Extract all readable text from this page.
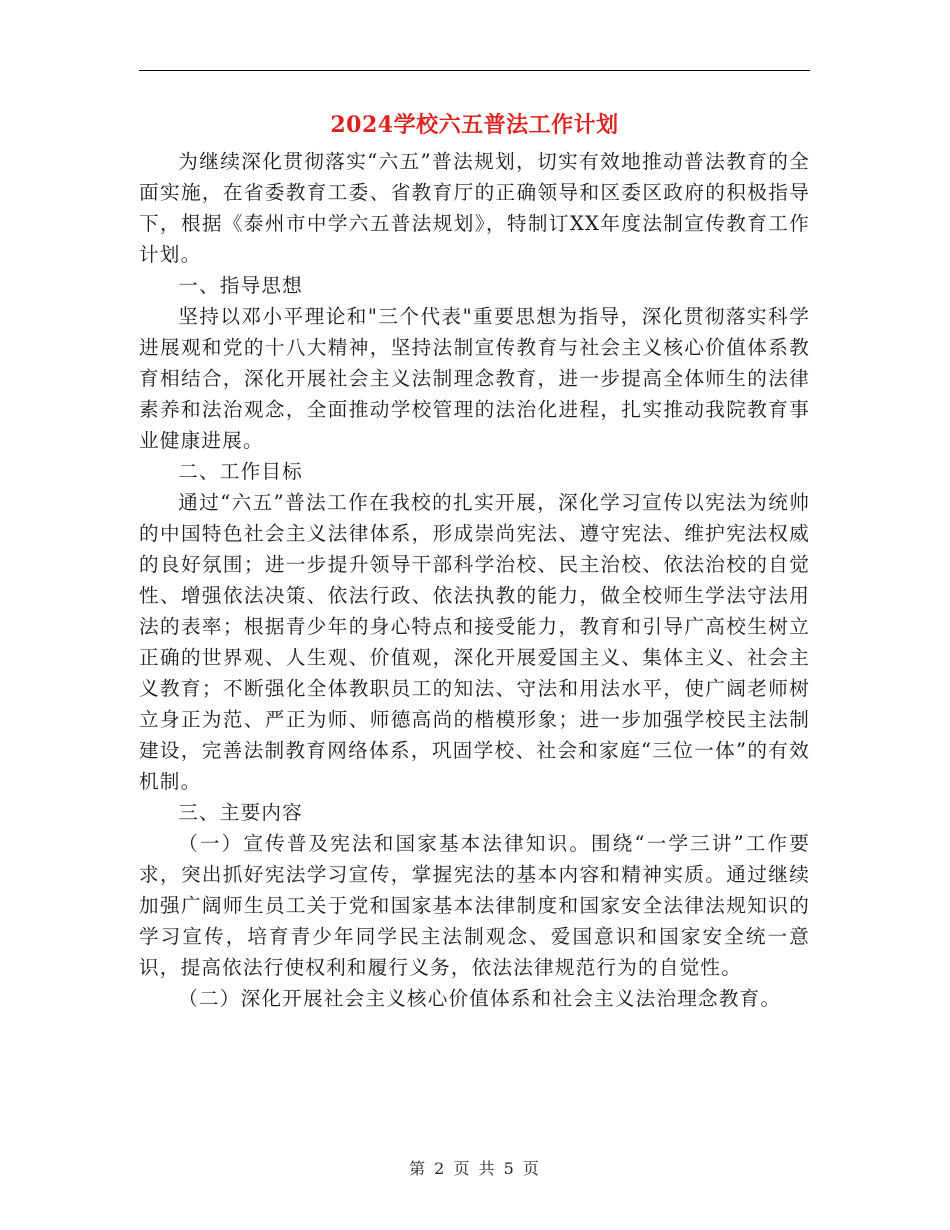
2024学校六五普法工作计划

为继续深化贯彻落实“六五”普法规划，切实有效地推动普法教育的全面实施，在省委教育工委、省教育厅的正确领导和区委区政府的积极指导下，根据《泰州市中学六五普法规划》，特制订XX年度法制宣传教育工作计划。

一、指导思想

坚持以邓小平理论和"三个代表"重要思想为指导，深化贯彻落实科学进展观和党的十八大精神，坚持法制宣传教育与社会主义核心价值体系教育相结合，深化开展社会主义法制理念教育，进一步提高全体师生的法律素养和法治观念，全面推动学校管理的法治化进程，扎实推动我院教育事业健康进展。

二、工作目标

通过“六五”普法工作在我校的扎实开展，深化学习宣传以宪法为统帅的中国特色社会主义法律体系，形成崇尚宪法、遵守宪法、维护宪法权威的良好氛围；进一步提升领导干部科学治校、民主治校、依法治校的自觉性、增强依法决策、依法行政、依法执教的能力，做全校师生学法守法用法的表率；根据青少年的身心特点和接受能力，教育和引导广高校生树立正确的世界观、人生观、价值观，深化开展爱国主义、集体主义、社会主义教育；不断强化全体教职员工的知法、守法和用法水平，使广阔老师树立身正为范、严正为师、师德高尚的楷模形象；进一步加强学校民主法制建设，完善法制教育网络体系，巩固学校、社会和家庭“三位一体”的有效机制。

三、主要内容

（一）宣传普及宪法和国家基本法律知识。围绕“一学三讲”工作要求，突出抓好宪法学习宣传，掌握宪法的基本内容和精神实质。通过继续加强广阔师生员工关于党和国家基本法律制度和国家安全法律法规知识的学习宣传，培育青少年同学民主法制观念、爱国意识和国家安全统一意识，提高依法行使权利和履行义务，依法法律规范行为的自觉性。

（二）深化开展社会主义核心价值体系和社会主义法治理念教育。

第 2 页 共 5 页
